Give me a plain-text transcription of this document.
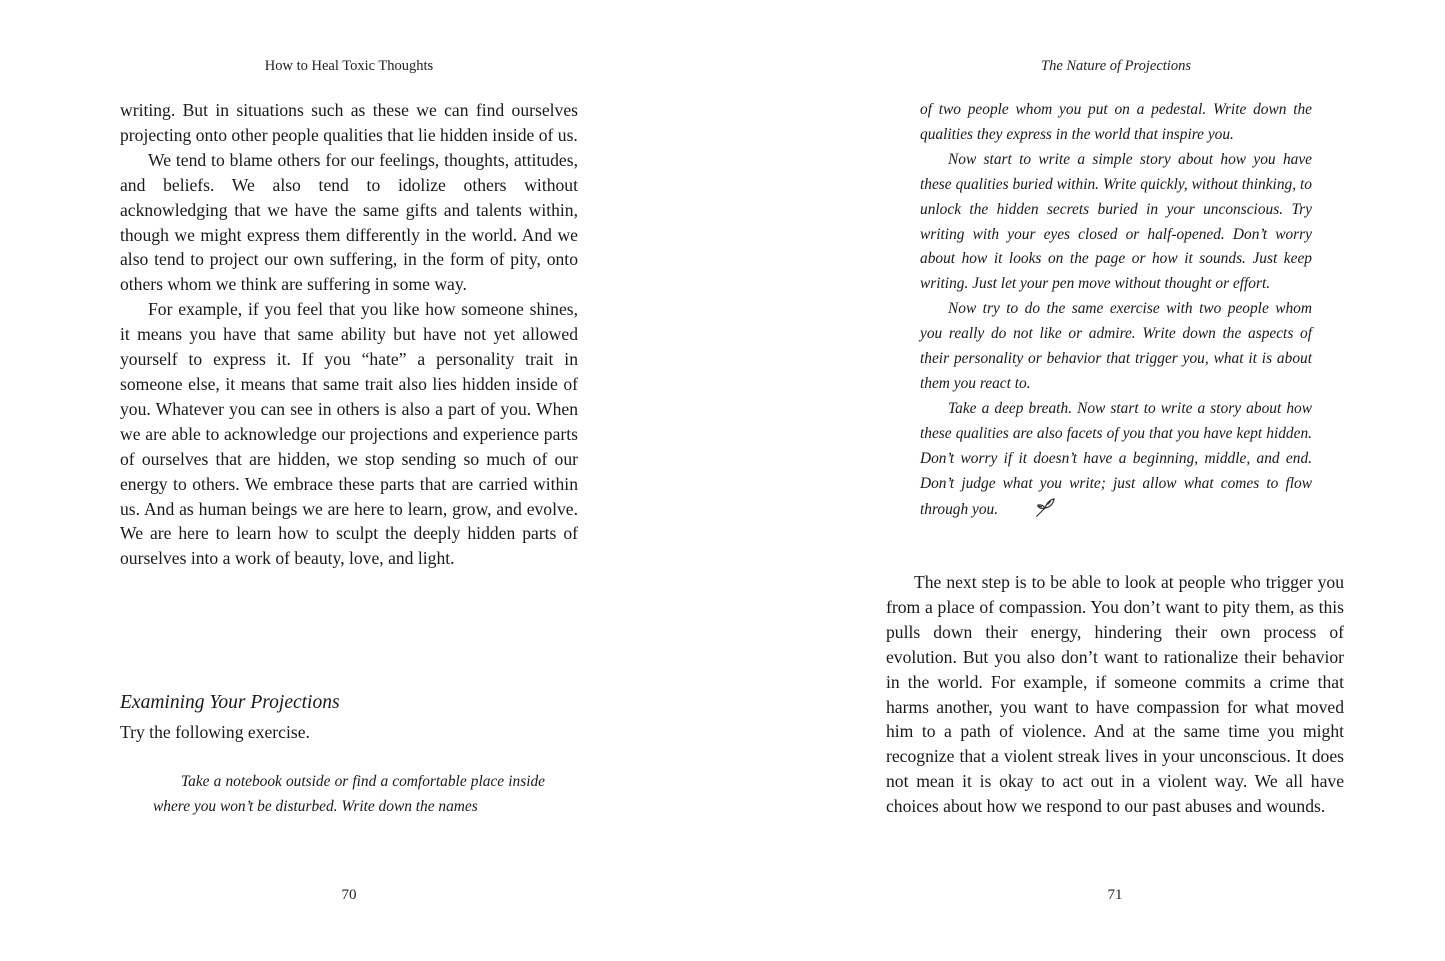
How to Heal Toxic Thoughts

writing. But in situations such as these we can find ourselves projecting onto other people qualities that lie hidden inside of us.

We tend to blame others for our feelings, thoughts, attitudes, and beliefs. We also tend to idolize others without acknowledging that we have the same gifts and talents within, though we might express them differently in the world. And we also tend to project our own suffering, in the form of pity, onto others whom we think are suffering in some way.

For example, if you feel that you like how someone shines, it means you have that same ability but have not yet allowed yourself to express it. If you “hate” a personality trait in someone else, it means that same trait also lies hidden inside of you. Whatever you can see in others is also a part of you. When we are able to acknowledge our projections and experience parts of ourselves that are hidden, we stop sending so much of our energy to others. We embrace these parts that are carried within us. And as human beings we are here to learn, grow, and evolve. We are here to learn how to sculpt the deeply hidden parts of ourselves into a work of beauty, love, and light.

Examining Your Projections
Try the following exercise.

Take a notebook outside or find a comfortable place inside where you won’t be disturbed. Write down the names

70
The Nature of Projections

of two people whom you put on a pedestal. Write down the qualities they express in the world that inspire you.

Now start to write a simple story about how you have these qualities buried within. Write quickly, without thinking, to unlock the hidden secrets buried in your unconscious. Try writing with your eyes closed or half-opened. Don’t worry about how it looks on the page or how it sounds. Just keep writing. Just let your pen move without thought or effort.

Now try to do the same exercise with two people whom you really do not like or admire. Write down the aspects of their personality or behavior that trigger you, what it is about them you react to.

Take a deep breath. Now start to write a story about how these qualities are also facets of you that you have kept hidden. Don’t worry if it doesn’t have a beginning, middle, and end. Don’t judge what you write; just allow what comes to flow through you.

The next step is to be able to look at people who trigger you from a place of compassion. You don’t want to pity them, as this pulls down their energy, hindering their own process of evolution. But you also don’t want to rationalize their behavior in the world. For example, if someone commits a crime that harms another, you want to have compassion for what moved him to a path of violence. And at the same time you might recognize that a violent streak lives in your unconscious. It does not mean it is okay to act out in a violent way. We all have choices about how we respond to our past abuses and wounds.

71
